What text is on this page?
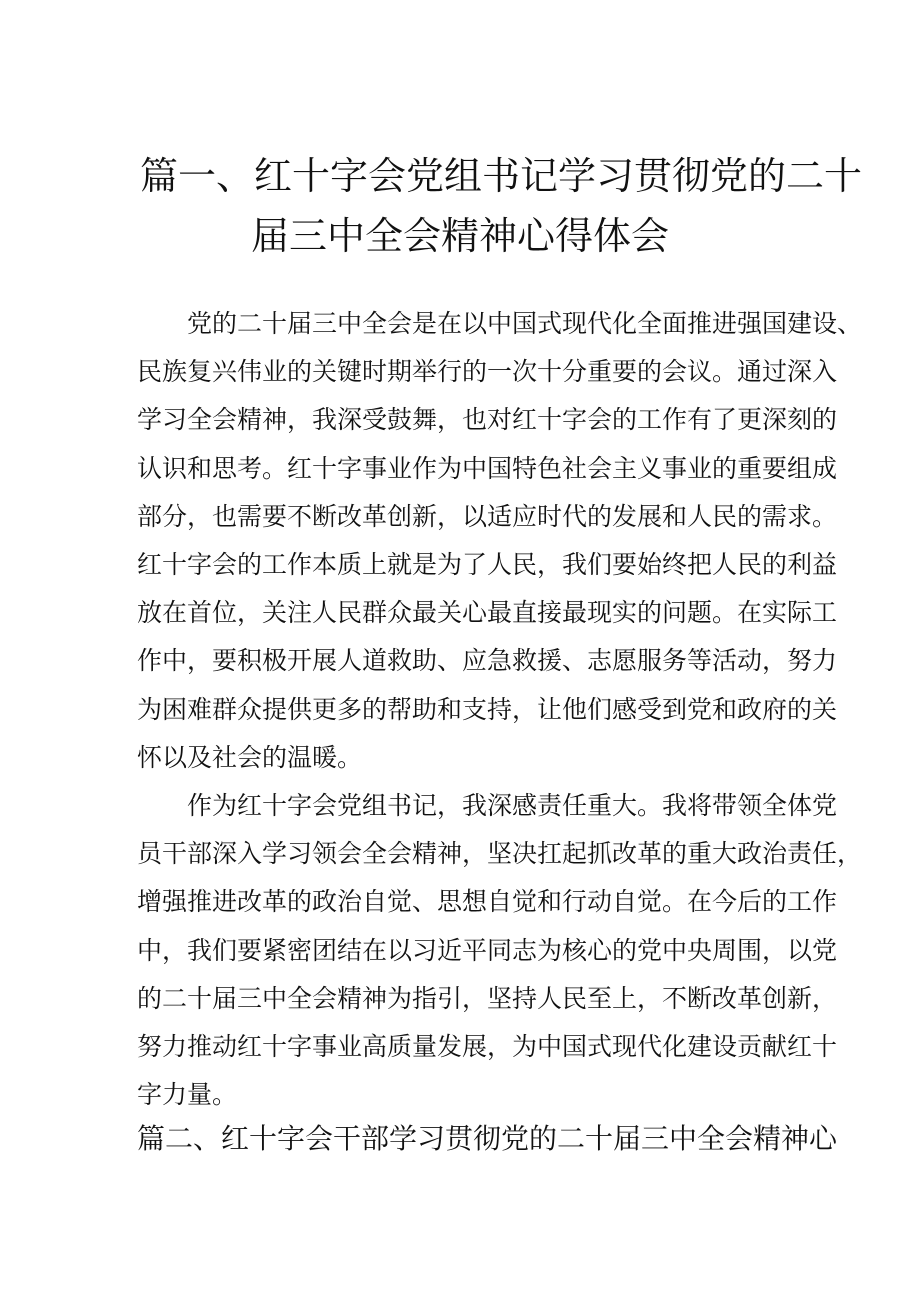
篇一、红十字会党组书记学习贯彻党的二十
届三中全会精神心得体会

党的二十届三中全会是在以中国式现代化全面推进强国建设、
民族复兴伟业的关键时期举行的一次十分重要的会议。通过深入
学习全会精神，我深受鼓舞，也对红十字会的工作有了更深刻的
认识和思考。红十字事业作为中国特色社会主义事业的重要组成
部分，也需要不断改革创新，以适应时代的发展和人民的需求。
红十字会的工作本质上就是为了人民，我们要始终把人民的利益
放在首位，关注人民群众最关心最直接最现实的问题。在实际工
作中，要积极开展人道救助、应急救援、志愿服务等活动，努力
为困难群众提供更多的帮助和支持，让他们感受到党和政府的关
怀以及社会的温暖。

作为红十字会党组书记，我深感责任重大。我将带领全体党
员干部深入学习领会全会精神，坚决扛起抓改革的重大政治责任，
增强推进改革的政治自觉、思想自觉和行动自觉。在今后的工作
中，我们要紧密团结在以习近平同志为核心的党中央周围，以党
的二十届三中全会精神为指引，坚持人民至上，不断改革创新，
努力推动红十字事业高质量发展，为中国式现代化建设贡献红十
字力量。

篇二、红十字会干部学习贯彻党的二十届三中全会精神心
